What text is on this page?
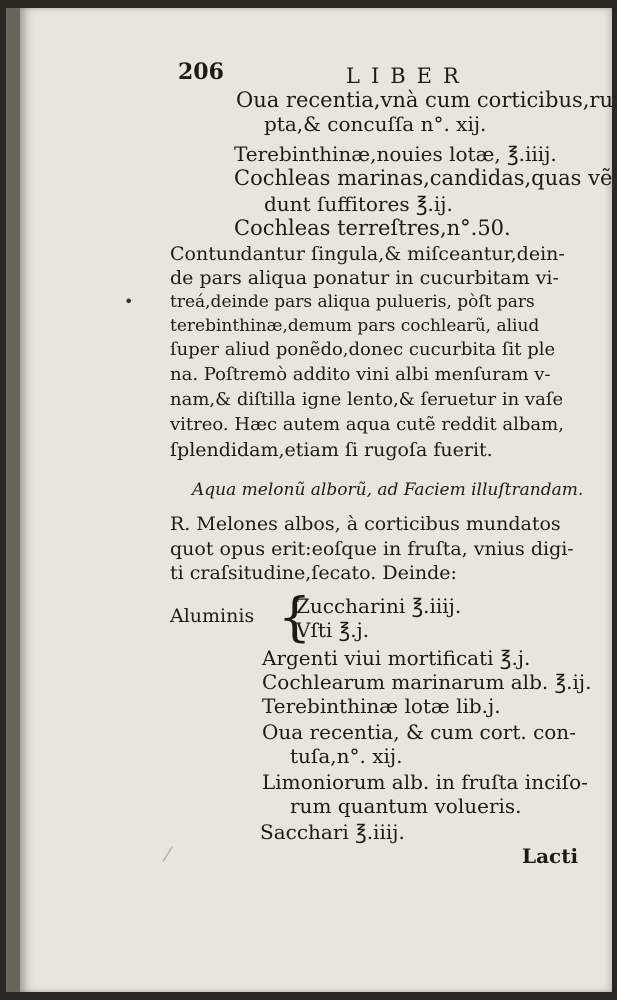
206	LIBER
Oua recentia,vnà cum corticibus,ru
pta,& concuſſa n°. xij.
Terebinthinæ,nouies lotæ, ℥.iiij.
Cochleas marinas,candidas,quas vẽ
dunt ſuffitores ℥.ij.
Cochleas terreſtres,n°.50.
Contundantur ſingula,& miſceantur,dein-
de pars aliqua ponatur in cucurbitam vi-
treá,deinde pars aliqua pulueris, pòſt pars
terebinthinæ,demum pars cochlearũ, aliud
ſuper aliud ponẽdo,donec cucurbita ſit ple
na. Poſtremò addito vini albi menſuram v-
nam,& diſtilla igne lento,& ſeruetur in vaſe
vitreo. Hæc autem aqua cutẽ reddit albam,
ſplendidam,etiam ſi rugoſa fuerit.
Aqua melonũ alborũ, ad Faciem illuſtrandam.
R. Melones albos, à corticibus mundatos
quot opus erit:eoſque in fruſta, vnius digi-
ti craſsitudine,ſecato. Deinde:
Aluminis {
Zuccharini ℥.iiij.
Vſti ℥.j.
Argenti viui mortificati ℥.j.
Cochlearum marinarum alb. ℥.ij.
Terebinthinæ lotæ lib.j.
Oua recentia, & cum cort. con-
tuſa,n°. xij.
Limoniorum alb. in fruſta inciſo-
rum quantum volueris.
Sacchari ℥.iiij.
Lacti
•
⁄
